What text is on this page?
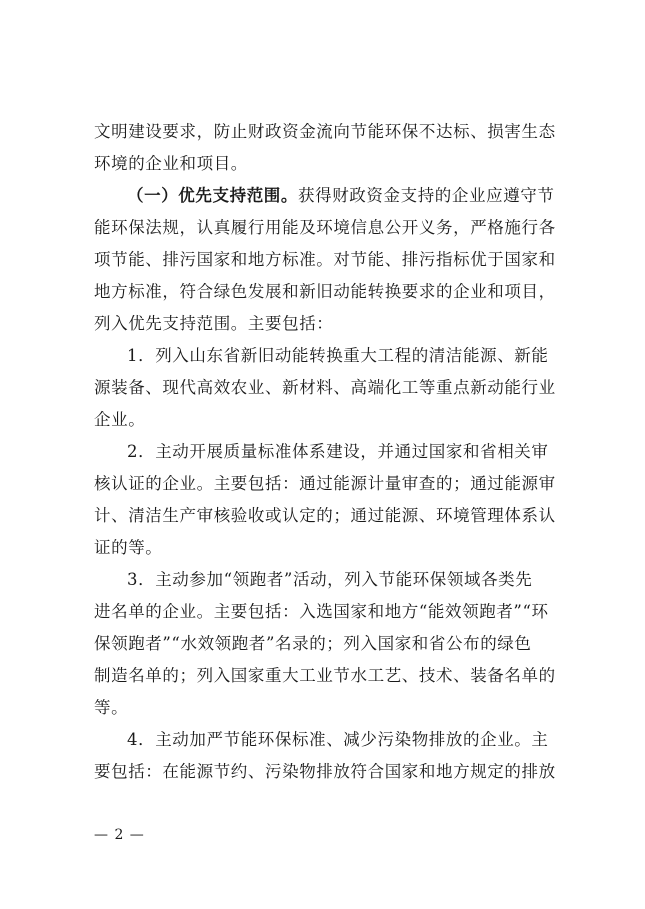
文明建设要求，防止财政资金流向节能环保不达标、损害生态
环境的企业和项目。
（一）优先支持范围。获得财政资金支持的企业应遵守节
能环保法规，认真履行用能及环境信息公开义务，严格施行各
项节能、排污国家和地方标准。对节能、排污指标优于国家和
地方标准，符合绿色发展和新旧动能转换要求的企业和项目，
列入优先支持范围。主要包括：
1．列入山东省新旧动能转换重大工程的清洁能源、新能
源装备、现代高效农业、新材料、高端化工等重点新动能行业
企业。
2．主动开展质量标准体系建设，并通过国家和省相关审
核认证的企业。主要包括：通过能源计量审查的；通过能源审
计、清洁生产审核验收或认定的；通过能源、环境管理体系认
证的等。
3．主动参加“领跑者”活动，列入节能环保领域各类先
进名单的企业。主要包括：入选国家和地方“能效领跑者”“环
保领跑者”“水效领跑者”名录的；列入国家和省公布的绿色
制造名单的；列入国家重大工业节水工艺、技术、装备名单的
等。
4．主动加严节能环保标准、减少污染物排放的企业。主
要包括：在能源节约、污染物排放符合国家和地方规定的排放
— 2 —
